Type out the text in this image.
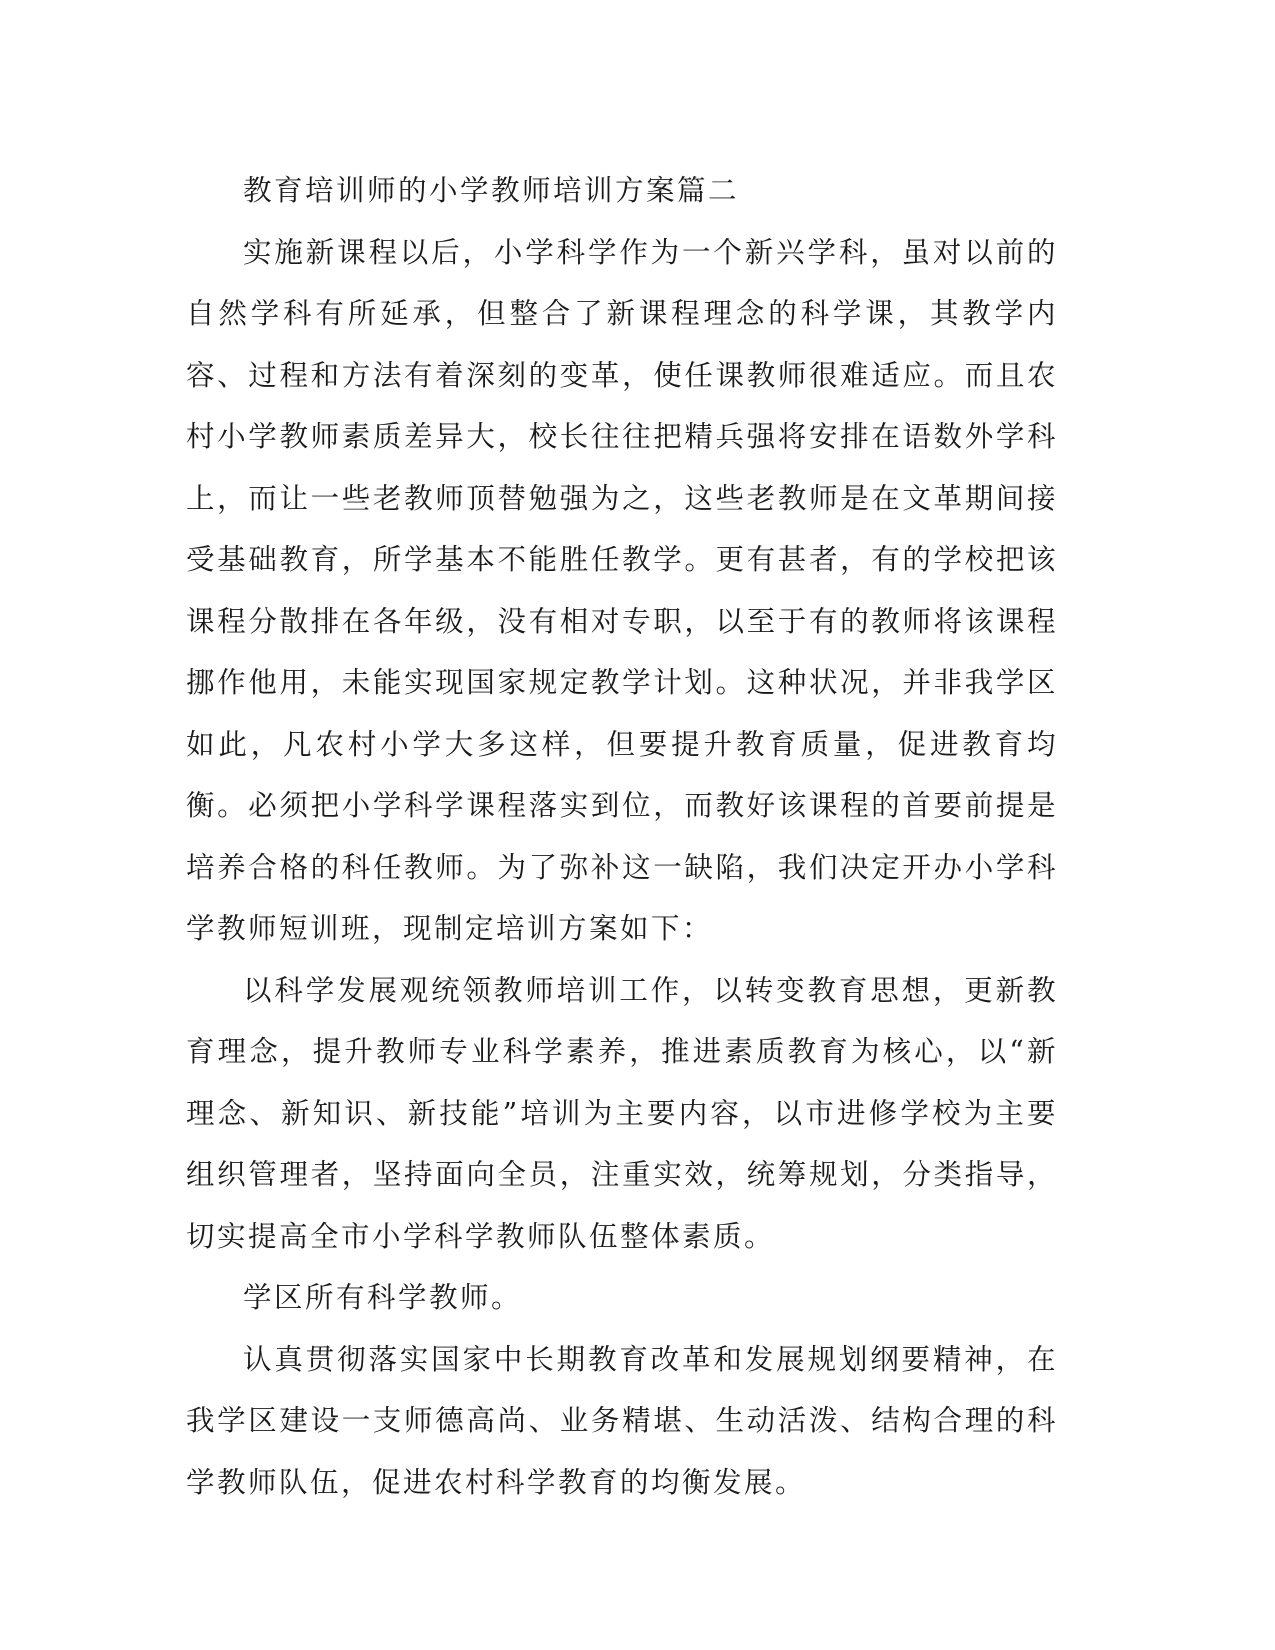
教育培训师的小学教师培训方案篇二

实施新课程以后，小学科学作为一个新兴学科，虽对以前的自然学科有所延承，但整合了新课程理念的科学课，其教学内容、过程和方法有着深刻的变革，使任课教师很难适应。而且农村小学教师素质差异大，校长往往把精兵强将安排在语数外学科上，而让一些老教师顶替勉强为之，这些老教师是在文革期间接受基础教育，所学基本不能胜任教学。更有甚者，有的学校把该课程分散排在各年级，没有相对专职，以至于有的教师将该课程挪作他用，未能实现国家规定教学计划。这种状况，并非我学区如此，凡农村小学大多这样，但要提升教育质量，促进教育均衡。必须把小学科学课程落实到位，而教好该课程的首要前提是培养合格的科任教师。为了弥补这一缺陷，我们决定开办小学科学教师短训班，现制定培训方案如下：

以科学发展观统领教师培训工作，以转变教育思想，更新教育理念，提升教师专业科学素养，推进素质教育为核心，以“新理念、新知识、新技能”培训为主要内容，以市进修学校为主要组织管理者，坚持面向全员，注重实效，统筹规划，分类指导，切实提高全市小学科学教师队伍整体素质。

学区所有科学教师。

认真贯彻落实国家中长期教育改革和发展规划纲要精神，在我学区建设一支师德高尚、业务精堪、生动活泼、结构合理的科学教师队伍，促进农村科学教育的均衡发展。
